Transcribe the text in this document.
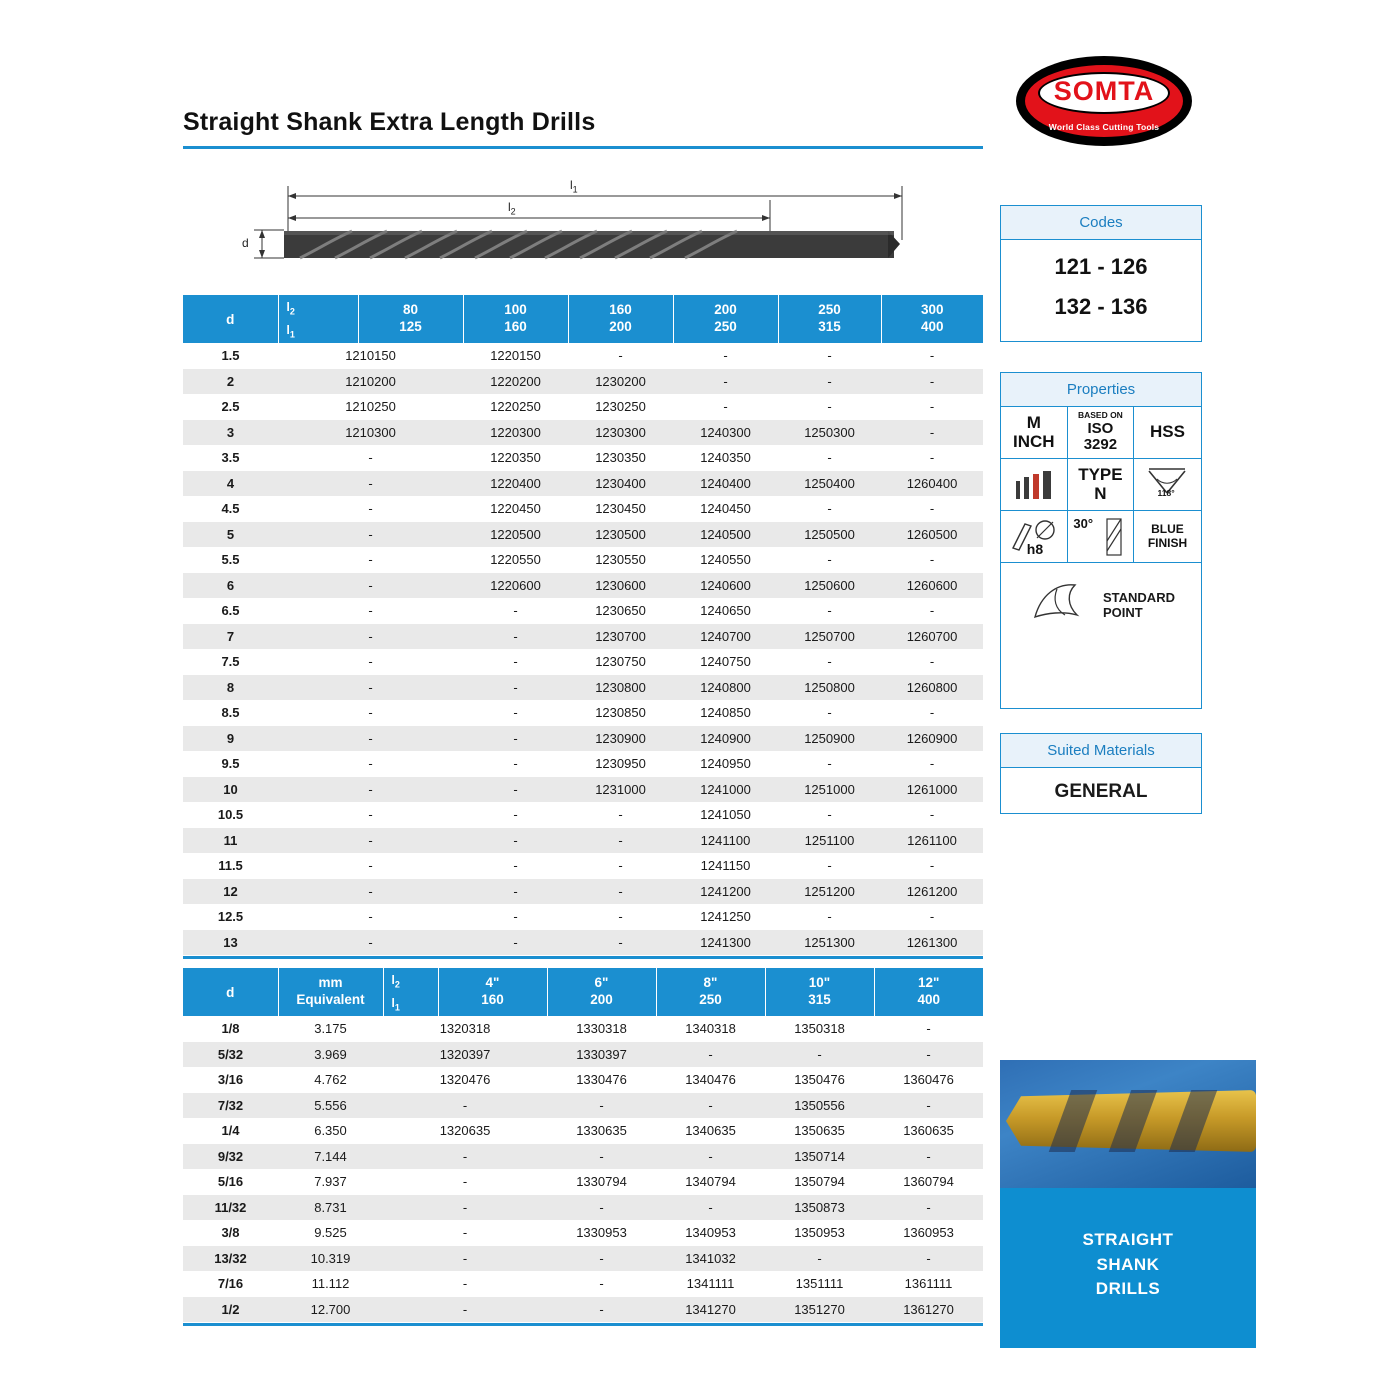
Straight Shank Extra Length Drills
SOMTA
World Class Cutting Tools
$l_1$
$l_2$
d
d	
$l_2$
$l_1$

80
125

100
160

160
200

200
250

250
315

300
400

1.5	1210150		1220150	-	-	-	-
2	1210200		1220200	1230200	-	-	-
2.5	1210250		1220250	1230250	-	-	-
3	1210300		1220300	1230300	1240300	1250300	-
3.5	-		1220350	1230350	1240350	-	-
4	-		1220400	1230400	1240400	1250400	1260400
4.5	-		1220450	1230450	1240450	-	-
5	-		1220500	1230500	1240500	1250500	1260500
5.5	-		1220550	1230550	1240550	-	-
6	-		1220600	1230600	1240600	1250600	1260600
6.5	-		-	1230650	1240650	-	-
7	-		-	1230700	1240700	1250700	1260700
7.5	-		-	1230750	1240750	-	-
8	-		-	1230800	1240800	1250800	1260800
8.5	-		-	1230850	1240850	-	-
9	-		-	1230900	1240900	1250900	1260900
9.5	-		-	1230950	1240950	-	-
10	-		-	1231000	1241000	1251000	1261000
10.5	-		-	-	1241050	-	-
11	-		-	-	1241100	1251100	1261100
11.5	-		-	-	1241150	-	-
12	-		-	-	1241200	1251200	1261200
12.5	-		-	-	1241250	-	-
13	-		-	-	1241300	1251300	1261300
d	
mm
Equivalent

$l_2$
$l_1$

4"
160

6"
200

8"
250

10"
315

12"
400

1/8	3.175	1320318		1330318	1340318	1350318	-
5/32	3.969	1320397		1330397	-	-	-
3/16	4.762	1320476		1330476	1340476	1350476	1360476
7/32	5.556	-		-	-	1350556	-
1/4	6.350	1320635		1330635	1340635	1350635	1360635
9/32	7.144	-		-	-	1350714	-
5/16	7.937	-		1330794	1340794	1350794	1360794
11/32	8.731	-		-	-	1350873	-
3/8	9.525	-		1330953	1340953	1350953	1360953
13/32	10.319	-		-	1341032	-	-
7/16	11.112	-		-	1341111	1351111	1361111
1/2	12.700	-		-	1341270	1351270	1361270
Codes
121 - 126
132 - 136
Properties
M
INCH
BASED ON
ISO
3292
HSS
TYPE
N	118°
h8
30°	BLUE
FINISH
STANDARD
POINT
Suited Materials
GENERAL
STRAIGHT
SHANK
DRILLS
